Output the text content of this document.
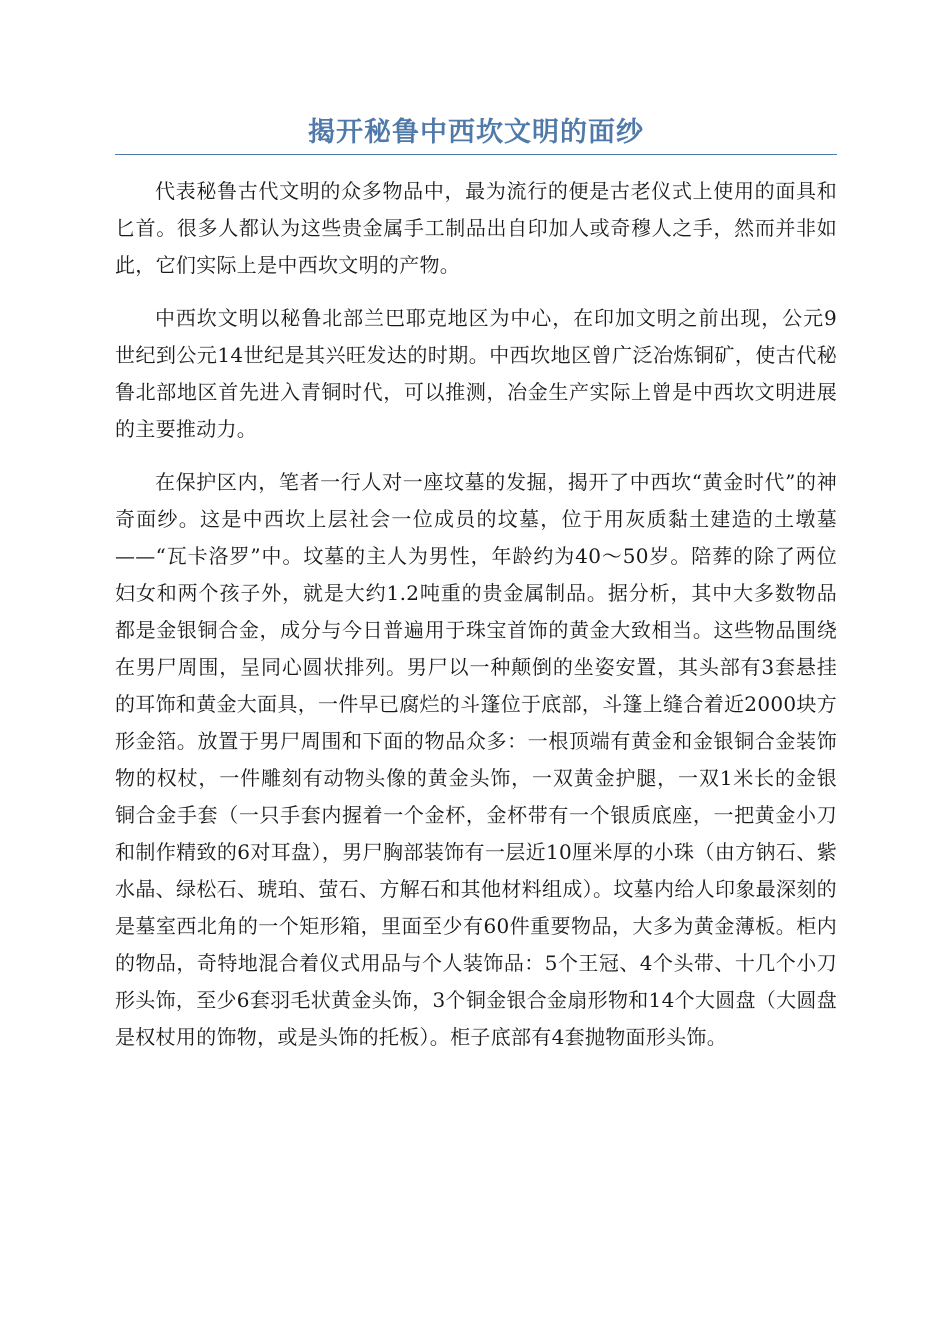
揭开秘鲁中西坎文明的面纱

代表秘鲁古代文明的众多物品中，最为流行的便是古老仪式上使用的面具和匕首。很多人都认为这些贵金属手工制品出自印加人或奇穆人之手，然而并非如此，它们实际上是中西坎文明的产物。

中西坎文明以秘鲁北部兰巴耶克地区为中心，在印加文明之前出现，公元9世纪到公元14世纪是其兴旺发达的时期。中西坎地区曾广泛冶炼铜矿，使古代秘鲁北部地区首先进入青铜时代，可以推测，冶金生产实际上曾是中西坎文明进展的主要推动力。

在保护区内，笔者一行人对一座坟墓的发掘，揭开了中西坎“黄金时代”的神奇面纱。这是中西坎上层社会一位成员的坟墓，位于用灰质黏土建造的土墩墓——“瓦卡洛罗”中。坟墓的主人为男性，年龄约为40～50岁。陪葬的除了两位妇女和两个孩子外，就是大约1.2吨重的贵金属制品。据分析，其中大多数物品都是金银铜合金，成分与今日普遍用于珠宝首饰的黄金大致相当。这些物品围绕在男尸周围，呈同心圆状排列。男尸以一种颠倒的坐姿安置，其头部有3套悬挂的耳饰和黄金大面具，一件早已腐烂的斗篷位于底部，斗篷上缝合着近2000块方形金箔。放置于男尸周围和下面的物品众多：一根顶端有黄金和金银铜合金装饰物的权杖，一件雕刻有动物头像的黄金头饰，一双黄金护腿，一双1米长的金银铜合金手套（一只手套内握着一个金杯，金杯带有一个银质底座，一把黄金小刀和制作精致的6对耳盘），男尸胸部装饰有一层近10厘米厚的小珠（由方钠石、紫水晶、绿松石、琥珀、萤石、方解石和其他材料组成）。坟墓内给人印象最深刻的是墓室西北角的一个矩形箱，里面至少有60件重要物品，大多为黄金薄板。柜内的物品，奇特地混合着仪式用品与个人装饰品：5个王冠、4个头带、十几个小刀形头饰，至少6套羽毛状黄金头饰，3个铜金银合金扇形物和14个大圆盘（大圆盘是权杖用的饰物，或是头饰的托板）。柜子底部有4套抛物面形头饰。
